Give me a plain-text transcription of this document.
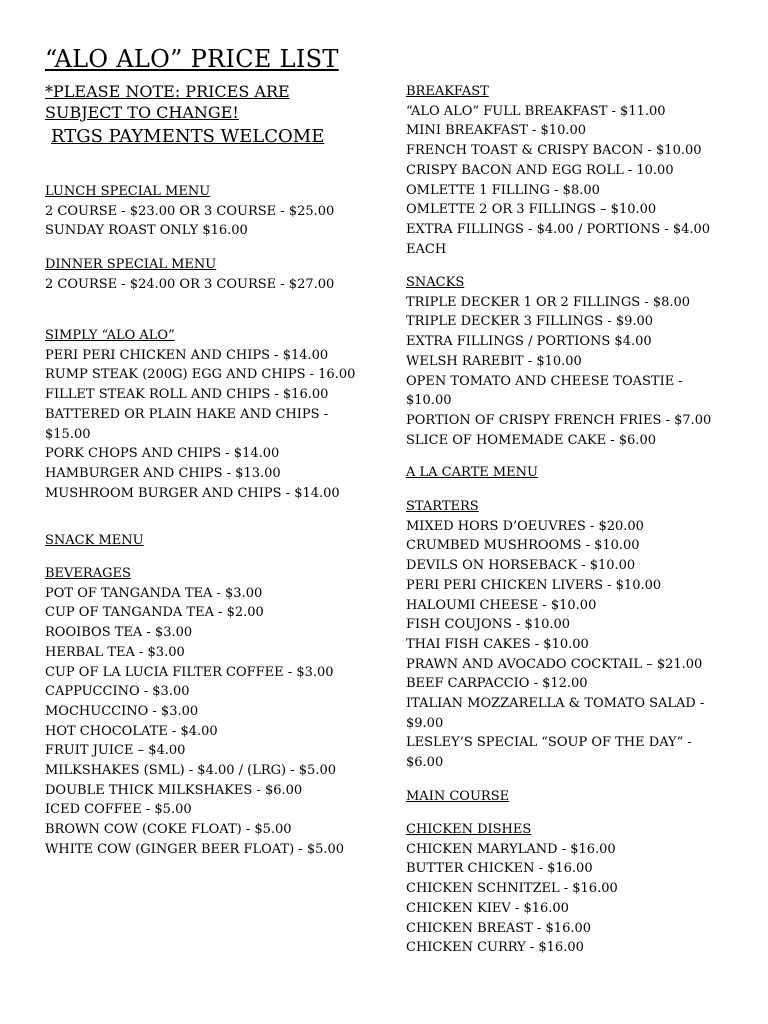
“ALO ALO” PRICE LIST
*PLEASE NOTE: PRICES ARE
SUBJECT TO CHANGE!
RTGS PAYMENTS WELCOME
LUNCH SPECIAL MENU
2 COURSE - $23.00 OR 3 COURSE - $25.00
SUNDAY ROAST ONLY $16.00
DINNER SPECIAL MENU
2 COURSE - $24.00 OR 3 COURSE - $27.00
SIMPLY “ALO ALO”
PERI PERI CHICKEN AND CHIPS - $14.00
RUMP STEAK (200G) EGG AND CHIPS - 16.00
FILLET STEAK ROLL AND CHIPS - $16.00
BATTERED OR PLAIN HAKE AND CHIPS -
$15.00
PORK CHOPS AND CHIPS - $14.00
HAMBURGER AND CHIPS - $13.00
MUSHROOM BURGER AND CHIPS - $14.00
SNACK MENU
BEVERAGES
POT OF TANGANDA TEA - $3.00
CUP OF TANGANDA TEA - $2.00
ROOIBOS TEA - $3.00
HERBAL TEA - $3.00
CUP OF LA LUCIA FILTER COFFEE - $3.00
CAPPUCCINO - $3.00
MOCHUCCINO - $3.00
HOT CHOCOLATE - $4.00
FRUIT JUICE – $4.00
MILKSHAKES (SML) - $4.00 / (LRG) - $5.00
DOUBLE THICK MILKSHAKES - $6.00
ICED COFFEE - $5.00
BROWN COW (COKE FLOAT) - $5.00
WHITE COW (GINGER BEER FLOAT) - $5.00
BREAKFAST
“ALO ALO” FULL BREAKFAST - $11.00
MINI BREAKFAST - $10.00
FRENCH TOAST & CRISPY BACON - $10.00
CRISPY BACON AND EGG ROLL - 10.00
OMLETTE 1 FILLING - $8.00
OMLETTE 2 OR 3 FILLINGS – $10.00
EXTRA FILLINGS - $4.00 / PORTIONS - $4.00
EACH
SNACKS
TRIPLE DECKER 1 OR 2 FILLINGS - $8.00
TRIPLE DECKER 3 FILLINGS - $9.00
EXTRA FILLINGS / PORTIONS $4.00
WELSH RAREBIT - $10.00
OPEN TOMATO AND CHEESE TOASTIE -
$10.00
PORTION OF CRISPY FRENCH FRIES - $7.00
SLICE OF HOMEMADE CAKE - $6.00
A LA CARTE MENU
STARTERS
MIXED HORS D’OEUVRES - $20.00
CRUMBED MUSHROOMS - $10.00
DEVILS ON HORSEBACK - $10.00
PERI PERI CHICKEN LIVERS - $10.00
HALOUMI CHEESE - $10.00
FISH COUJONS - $10.00
THAI FISH CAKES - $10.00
PRAWN AND AVOCADO COCKTAIL – $21.00
BEEF CARPACCIO - $12.00
ITALIAN MOZZARELLA & TOMATO SALAD -
$9.00
LESLEY’S SPECIAL “SOUP OF THE DAY” -
$6.00
MAIN COURSE
CHICKEN DISHES
CHICKEN MARYLAND - $16.00
BUTTER CHICKEN - $16.00
CHICKEN SCHNITZEL - $16.00
CHICKEN KIEV - $16.00
CHICKEN BREAST - $16.00
CHICKEN CURRY - $16.00
